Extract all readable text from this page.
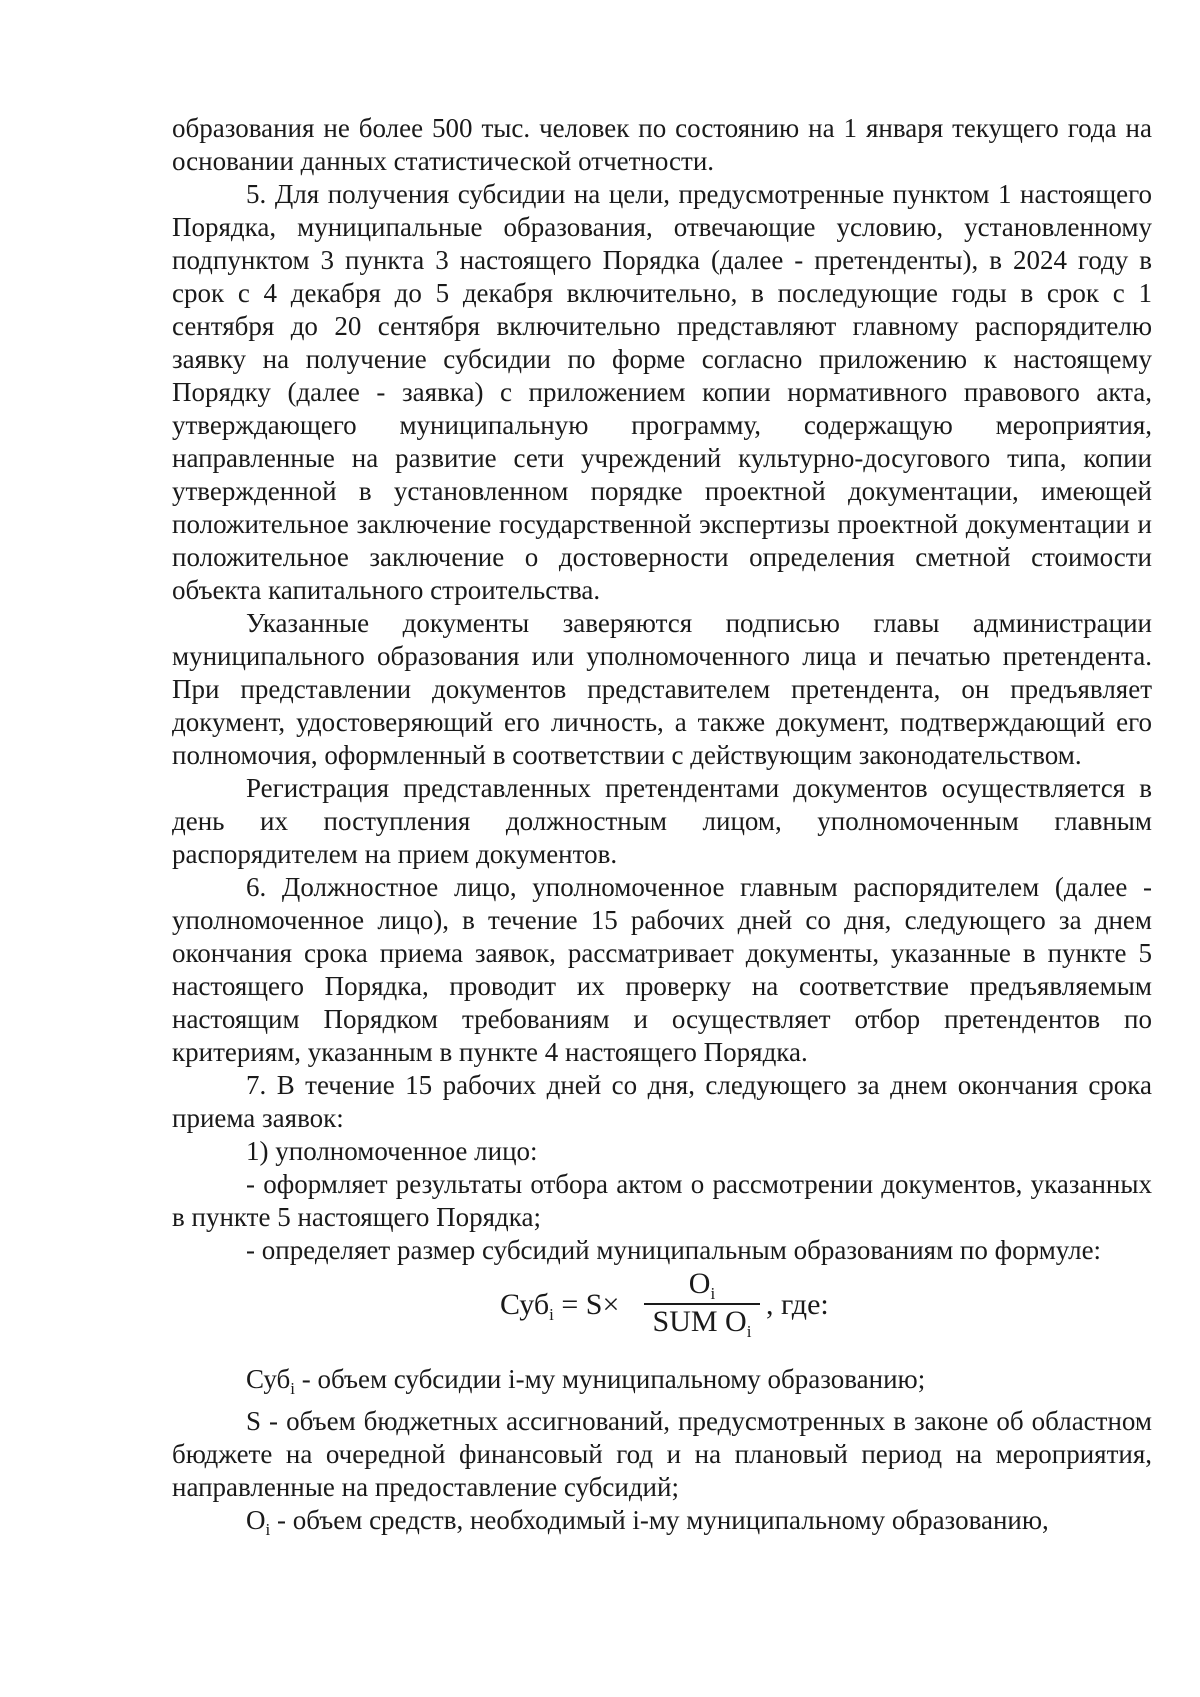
образования не более 500 тыс. человек по состоянию на 1 января текущего года на основании данных статистической отчетности.

5. Для получения субсидии на цели, предусмотренные пунктом 1 настоящего Порядка, муниципальные образования, отвечающие условию, установленному подпунктом 3 пункта 3 настоящего Порядка (далее - претенденты), в 2024 году в срок с 4 декабря до 5 декабря включительно, в последующие годы в срок с 1 сентября до 20 сентября включительно представляют главному распорядителю заявку на получение субсидии по форме согласно приложению к настоящему Порядку (далее - заявка) с приложением копии нормативного правового акта, утверждающего муниципальную программу, содержащую мероприятия, направленные на развитие сети учреждений культурно-досугового типа, копии утвержденной в установленном порядке проектной документации, имеющей положительное заключение государственной экспертизы проектной документации и положительное заключение о достоверности определения сметной стоимости объекта капитального строительства.

Указанные документы заверяются подписью главы администрации муниципального образования или уполномоченного лица и печатью претендента. При представлении документов представителем претендента, он предъявляет документ, удостоверяющий его личность, а также документ, подтверждающий его полномочия, оформленный в соответствии с действующим законодательством.

Регистрация представленных претендентами документов осуществляется в день их поступления должностным лицом, уполномоченным главным распорядителем на прием документов.

6. Должностное лицо, уполномоченное главным распорядителем (далее - уполномоченное лицо), в течение 15 рабочих дней со дня, следующего за днем окончания срока приема заявок, рассматривает документы, указанные в пункте 5 настоящего Порядка, проводит их проверку на соответствие предъявляемым настоящим Порядком требованиям и осуществляет отбор претендентов по критериям, указанным в пункте 4 настоящего Порядка.

7. В течение 15 рабочих дней со дня, следующего за днем окончания срока приема заявок:

1) уполномоченное лицо:

- оформляет результаты отбора актом о рассмотрении документов, указанных в пункте 5 настоящего Порядка;

- определяет размер субсидий муниципальным образованиям по формуле:

Суб$_i$ = S×
$O_i$
SUM $O_i$
, где:

Суб$_i$ - объем субсидии i-му муниципальному образованию;

S - объем бюджетных ассигнований, предусмотренных в законе об областном бюджете на очередной финансовый год и на плановый период на мероприятия, направленные на предоставление субсидий;

$O_i$ - объем средств, необходимый i-му муниципальному образованию,
